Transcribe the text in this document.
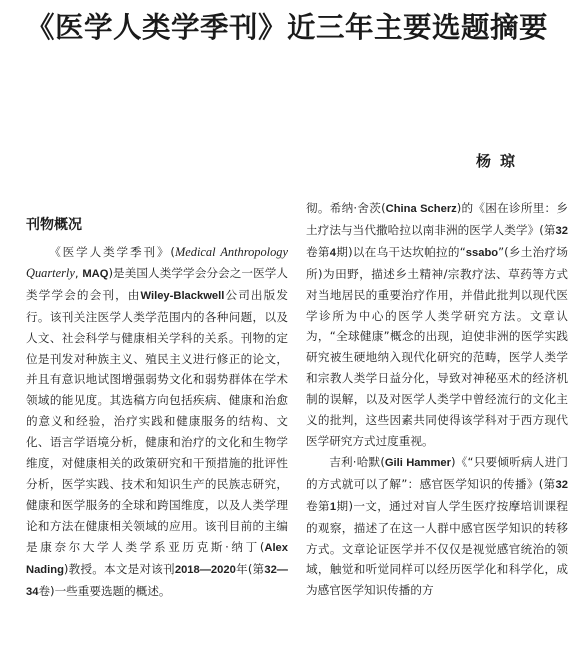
《医学人类学季刊》近三年主要选题摘要
杨琼
刊物概况

《医学人类学季刊》(Medical Anthropology Quarterly, MAQ)是美国人类学学会分会之一医学人类学学会的会刊，由Wiley-Blackwell公司出版发行。该刊关注医学人类学范围内的各种问题，以及人文、社会科学与健康相关学科的关系。刊物的定位是刊发对种族主义、殖民主义进行修正的论文，并且有意识地试图增强弱势文化和弱势群体在学术领域的能见度。其选稿方向包括疾病、健康和治愈的意义和经验，治疗实践和健康服务的结构、文化、语言学语境分析，健康和治疗的文化和生物学维度，对健康相关的政策研究和干预措施的批评性分析，医学实践、技术和知识生产的民族志研究，健康和医学服务的全球和跨国维度，以及人类学理论和方法在健康相关领域的应用。该刊目前的主编是康奈尔大学人类学系亚历克斯·纳丁(Alex Nading)教授。本文是对该刊2018—2020年(第32—34卷)一些重要选题的概述。

彻。希纳·舍茨(China Scherz)的《困在诊所里：乡土疗法与当代撒哈拉以南非洲的医学人类学》(第32卷第4期)以在乌干达坎帕拉的“ssabo”(乡土治疗场所)为田野，描述乡土精神/宗教疗法、草药等方式对当地居民的重要治疗作用，并借此批判以现代医学诊所为中心的医学人类学研究方法。文章认为，“全球健康”概念的出现，迫使非洲的医学实践研究被生硬地纳入现代化研究的范畴，医学人类学和宗教人类学日益分化，导致对神秘巫术的经济机制的误解，以及对医学人类学中曾经流行的文化主义的批判，这些因素共同使得该学科对于西方现代医学研究方式过度重视。

吉利·哈默(Gili Hammer)《“只要倾听病人进门的方式就可以了解”：感官医学知识的传播》(第32卷第1期)一文，通过对盲人学生医疗按摩培训课程的观察，描述了在这一人群中感官医学知识的转移方式。文章论证医学并不仅仅是视觉感官统治的领域，触觉和听觉同样可以经历医学化和科学化，成为感官医学知识传播的方
